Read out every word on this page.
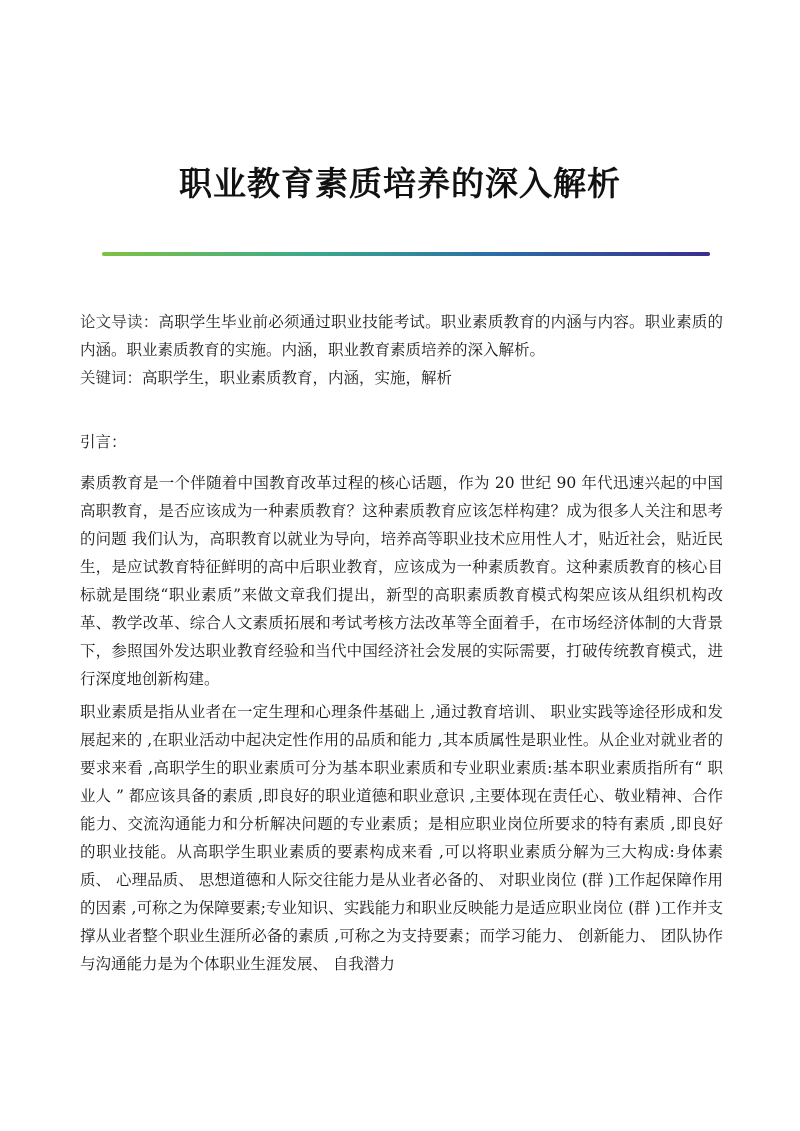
职业教育素质培养的深入解析

论文导读：高职学生毕业前必须通过职业技能考试。职业素质教育的内涵与内容。职业素质的内涵。职业素质教育的实施。内涵，职业教育素质培养的深入解析。

关键词：高职学生，职业素质教育，内涵，实施，解析

引言：

素质教育是一个伴随着中国教育改革过程的核心话题，作为 20 世纪 90 年代迅速兴起的中国高职教育，是否应该成为一种素质教育？这种素质教育应该怎样构建？成为很多人关注和思考的问题 我们认为，高职教育以就业为导向，培养高等职业技术应用性人才，贴近社会，贴近民生，是应试教育特征鲜明的高中后职业教育，应该成为一种素质教育。这种素质教育的核心目标就是围绕“职业素质”来做文章我们提出，新型的高职素质教育模式构架应该从组织机构改革、教学改革、综合人文素质拓展和考试考核方法改革等全面着手，在市场经济体制的大背景下，参照国外发达职业教育经验和当代中国经济社会发展的实际需要，打破传统教育模式，进行深度地创新构建。

职业素质是指从业者在一定生理和心理条件基础上 ,通过教育培训、 职业实践等途径形成和发展起来的 ,在职业活动中起决定性作用的品质和能力 ,其本质属性是职业性。从企业对就业者的要求来看 ,高职学生的职业素质可分为基本职业素质和专业职业素质:基本职业素质指所有“ 职业人 ” 都应该具备的素质 ,即良好的职业道德和职业意识 ,主要体现在责任心、敬业精神、合作能力、交流沟通能力和分析解决问题的专业素质；是相应职业岗位所要求的特有素质 ,即良好的职业技能。从高职学生职业素质的要素构成来看 ,可以将职业素质分解为三大构成:身体素质、 心理品质、 思想道德和人际交往能力是从业者必备的、 对职业岗位 (群 )工作起保障作用的因素 ,可称之为保障要素;专业知识、实践能力和职业反映能力是适应职业岗位 (群 )工作并支撑从业者整个职业生涯所必备的素质 ,可称之为支持要素；而学习能力、 创新能力、 团队协作与沟通能力是为个体职业生涯发展、 自我潜力
